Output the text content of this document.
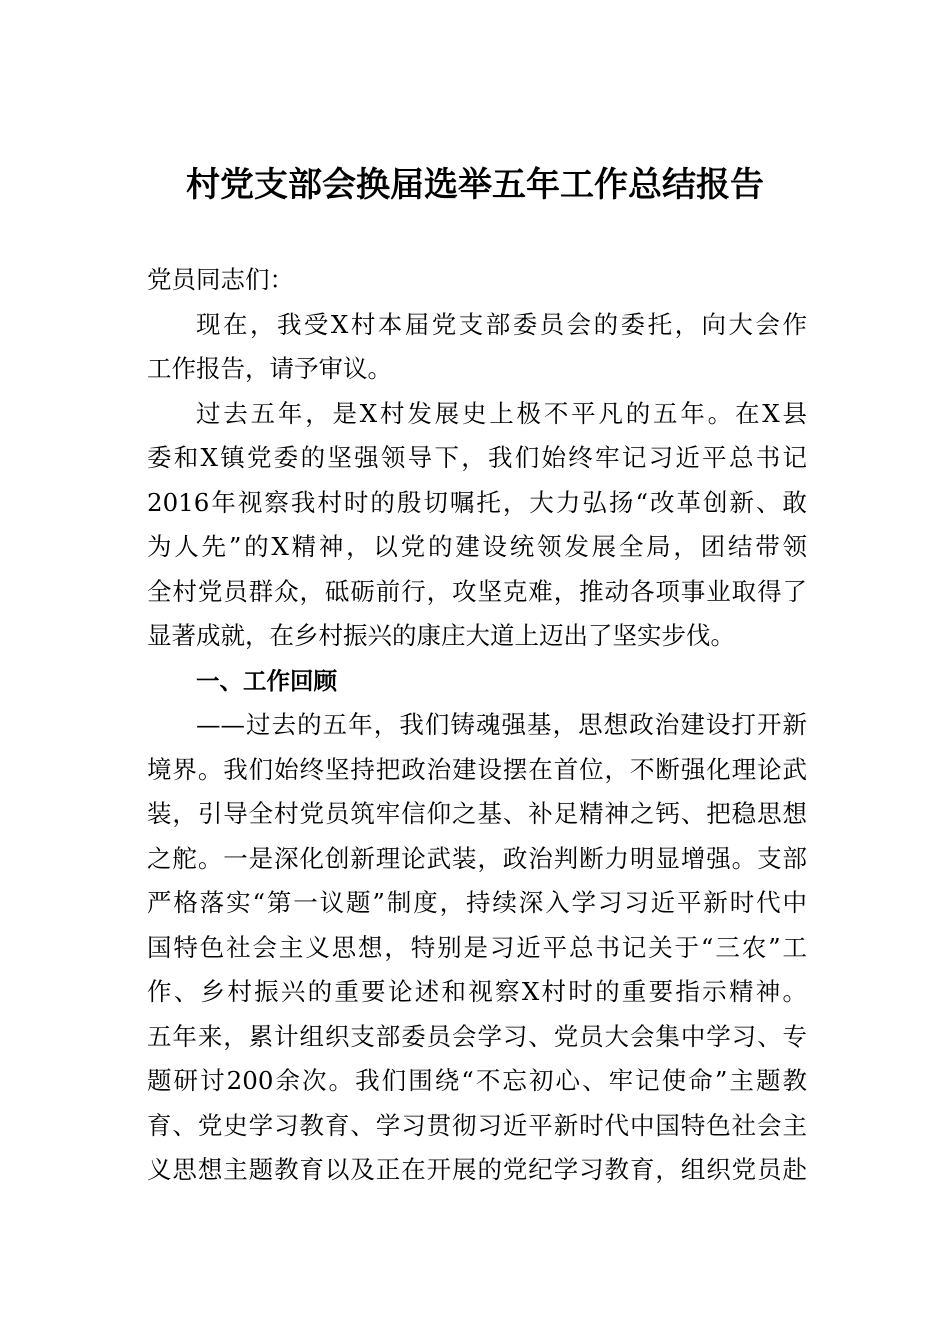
村党支部会换届选举五年工作总结报告
党员同志们：
现在，我受X村本届党支部委员会的委托，向大会作
工作报告，请予审议。
过去五年，是X村发展史上极不平凡的五年。在X县
委和X镇党委的坚强领导下，我们始终牢记习近平总书记
2016年视察我村时的殷切嘱托，大力弘扬“改革创新、敢
为人先”的X精神，以党的建设统领发展全局，团结带领
全村党员群众，砥砺前行，攻坚克难，推动各项事业取得了
显著成就，在乡村振兴的康庄大道上迈出了坚实步伐。
一、工作回顾
——过去的五年，我们铸魂强基，思想政治建设打开新
境界。我们始终坚持把政治建设摆在首位，不断强化理论武
装，引导全村党员筑牢信仰之基、补足精神之钙、把稳思想
之舵。一是深化创新理论武装，政治判断力明显增强。支部
严格落实“第一议题”制度，持续深入学习习近平新时代中
国特色社会主义思想，特别是习近平总书记关于“三农”工
作、乡村振兴的重要论述和视察X村时的重要指示精神。
五年来，累计组织支部委员会学习、党员大会集中学习、专
题研讨200余次。我们围绕“不忘初心、牢记使命”主题教
育、党史学习教育、学习贯彻习近平新时代中国特色社会主
义思想主题教育以及正在开展的党纪学习教育，组织党员赴
